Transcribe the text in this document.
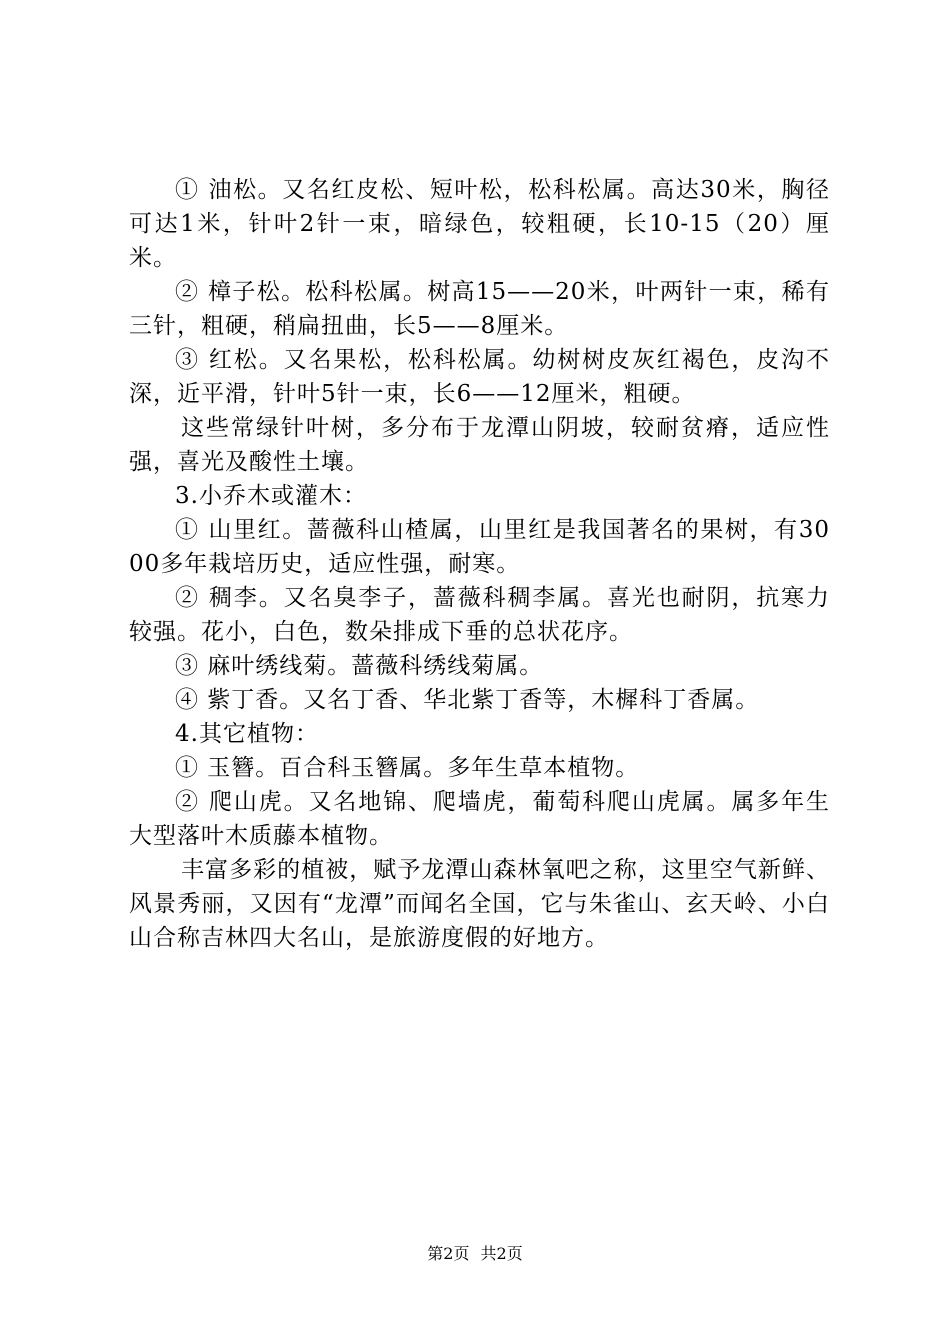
① 油松。又名红皮松、短叶松，松科松属。高达30米，胸径可达1米，针叶2针一束，暗绿色，较粗硬，长10-15（20）厘米。

② 樟子松。松科松属。树高15——20米，叶两针一束，稀有三针，粗硬，稍扁扭曲，长5——8厘米。

③ 红松。又名果松，松科松属。幼树树皮灰红褐色，皮沟不深，近平滑，针叶5针一束，长6——12厘米，粗硬。

这些常绿针叶树，多分布于龙潭山阴坡，较耐贫瘠，适应性强，喜光及酸性土壤。

3.小乔木或灌木：

① 山里红。蔷薇科山楂属，山里红是我国著名的果树，有3000多年栽培历史，适应性强，耐寒。

② 稠李。又名臭李子，蔷薇科稠李属。喜光也耐阴，抗寒力较强。花小，白色，数朵排成下垂的总状花序。

③ 麻叶绣线菊。蔷薇科绣线菊属。

④ 紫丁香。又名丁香、华北紫丁香等，木樨科丁香属。

4.其它植物：

① 玉簪。百合科玉簪属。多年生草本植物。

② 爬山虎。又名地锦、爬墙虎，葡萄科爬山虎属。属多年生大型落叶木质藤本植物。

丰富多彩的植被，赋予龙潭山森林氧吧之称，这里空气新鲜、风景秀丽，又因有“龙潭”而闻名全国，它与朱雀山、玄天岭、小白山合称吉林四大名山，是旅游度假的好地方。

第2页 共2页
